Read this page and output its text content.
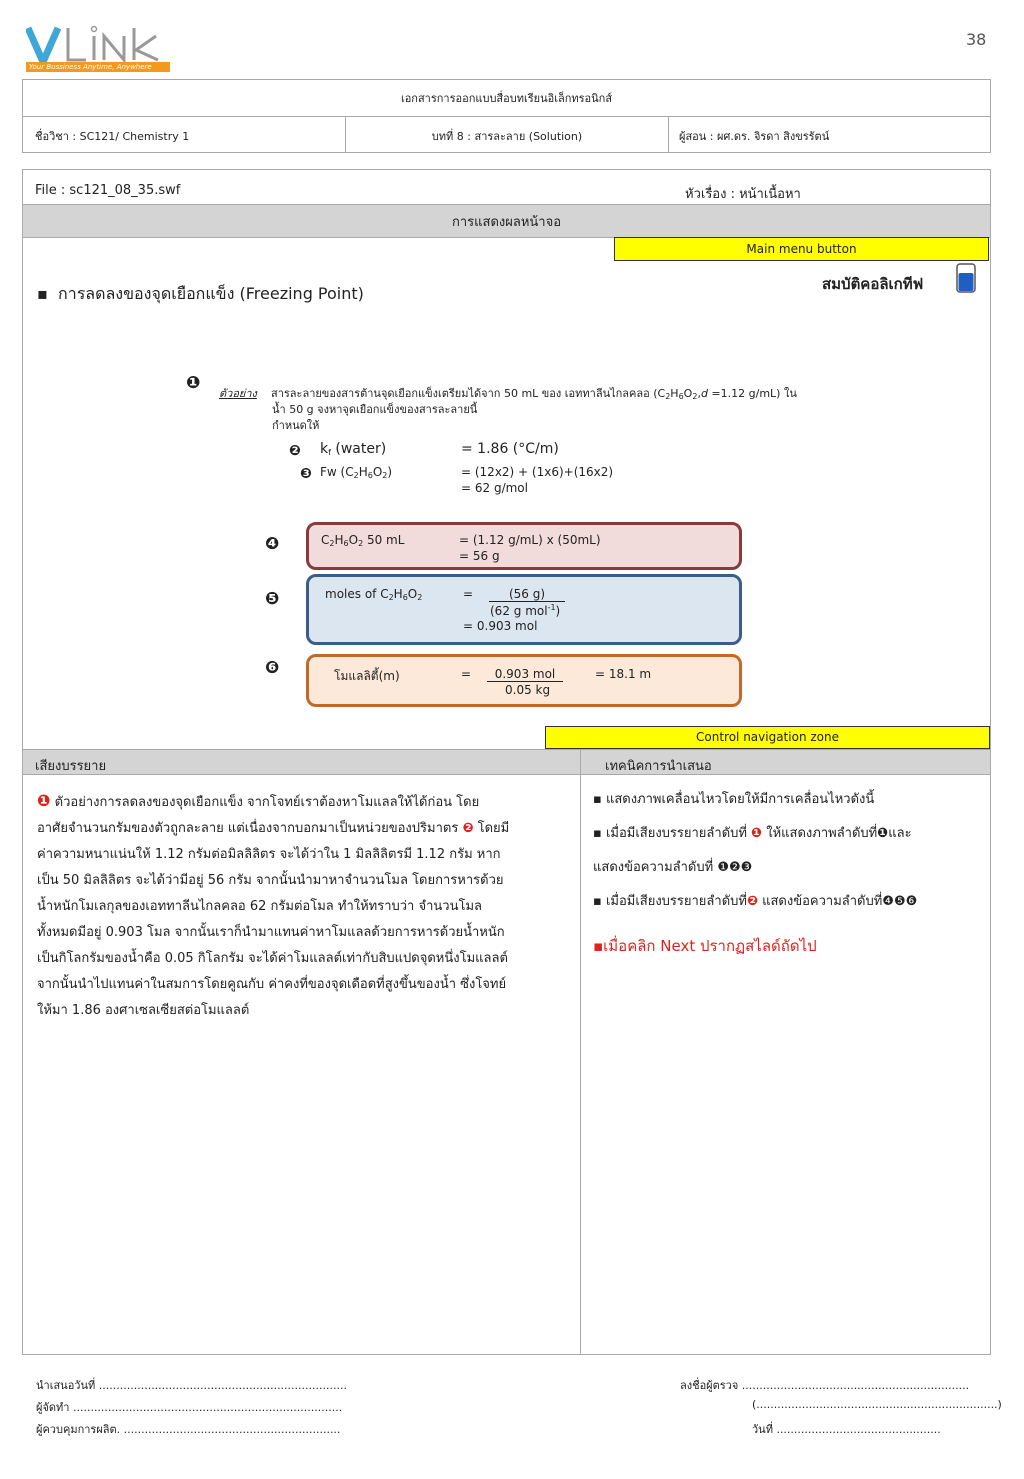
38
Your Bussiness Anytime, Anywhere
เอกสารการออกแบบสื่อบทเรียนอิเล็กทรอนิกส์
ชื่อวิชา : SC121/ Chemistry 1	บทที่ 8 : สารละลาย (Solution)	ผู้สอน : ผศ.ดร. จิรดา สิงขรรัตน์
File : sc121_08_35.swf	หัวเรื่อง : หน้าเนื้อหา
การแสดงผลหน้าจอ
Main menu button
สมบัติคอลิเกทีฟ
▪  การลดลงของจุดเยือกแข็ง (Freezing Point)
❶
ตัวอย่าง สารละลายของสารต้านจุดเยือกแข็งเตรียมได้จาก 50 mL ของ เอททาลีนไกลคลอ ($C_2H_6O_2,d =1.12$ g/mL) ใน
น้ำ 50 g จงหาจุดเยือกแข็งของสารละลายนี้
กำหนดให้
❷ $k_f$ (water)	= 1.86 (°C/m)
❸ Fw $(C_2H_6O_2)$	= (12x2) + (1x6)+(16x2)
= 62 g/mol
❹	$C_2H_6O_2$ 50 mL	= (1.12 g/mL) x (50mL)
= 56 g
❺	moles of $C_2H_6O_2$	=	(56 g)
(62 g mol$^{-1}$)
= 0.903 mol
❻	โมแลลิตี้(m)	=	0.903 mol
0.05 kg
= 18.1 m
Control navigation zone
เสียงบรรยาย	เทคนิคการนำเสนอ
❶ ตัวอย่างการลดลงของจุดเยือกแข็ง จากโจทย์เราต้องหาโมแลลให้ได้ก่อน โดย
อาศัยจำนวนกรัมของตัวถูกละลาย แต่เนื่องจากบอกมาเป็นหน่วยของปริมาตร ❷ โดยมี
ค่าความหนาแน่นให้ 1.12 กรัมต่อมิลลิลิตร จะได้ว่าใน 1 มิลลิลิตรมี 1.12 กรัม หาก
เป็น 50 มิลลิลิตร จะได้ว่ามีอยู่ 56 กรัม จากนั้นนำมาหาจำนวนโมล โดยการหารด้วย
น้ำหนักโมเลกุลของเอททาลีนไกลคลอ 62 กรัมต่อโมล ทำให้ทราบว่า จำนวนโมล
ทั้งหมดมีอยู่ 0.903 โมล จากนั้นเราก็นำมาแทนค่าหาโมแลลด้วยการหารด้วยน้ำหนัก
เป็นกิโลกรัมของน้ำคือ 0.05 กิโลกรัม จะได้ค่าโมแลลต์เท่ากับสิบแปดจุดหนึ่งโมแลลต์
จากนั้นนำไปแทนค่าในสมการโดยคูณกับ ค่าคงที่ของจุดเดือดที่สูงขึ้นของน้ำ ซึ่งโจทย์
ให้มา 1.86 องศาเซลเซียสต่อโมแลลต์
▪ แสดงภาพเคลื่อนไหวโดยให้มีการเคลื่อนไหวดังนี้
▪ เมื่อมีเสียงบรรยายลำดับที่ ❶ ให้แสดงภาพลำดับที่❶และ
แสดงข้อความลำดับที่ ❶❷❸
▪ เมื่อมีเสียงบรรยายลำดับที่❷ แสดงข้อความลำดับที่❹❺❻
▪เมื่อคลิก Next ปรากฏสไลด์ถัดไป
นำเสนอวันที่ .......................................................................
ผู้จัดทำ .............................................................................
ผู้ควบคุมการผลิต. ..............................................................
ลงชื่อผู้ตรวจ .................................................................
(.....................................................................)
วันที่ ...............................................
